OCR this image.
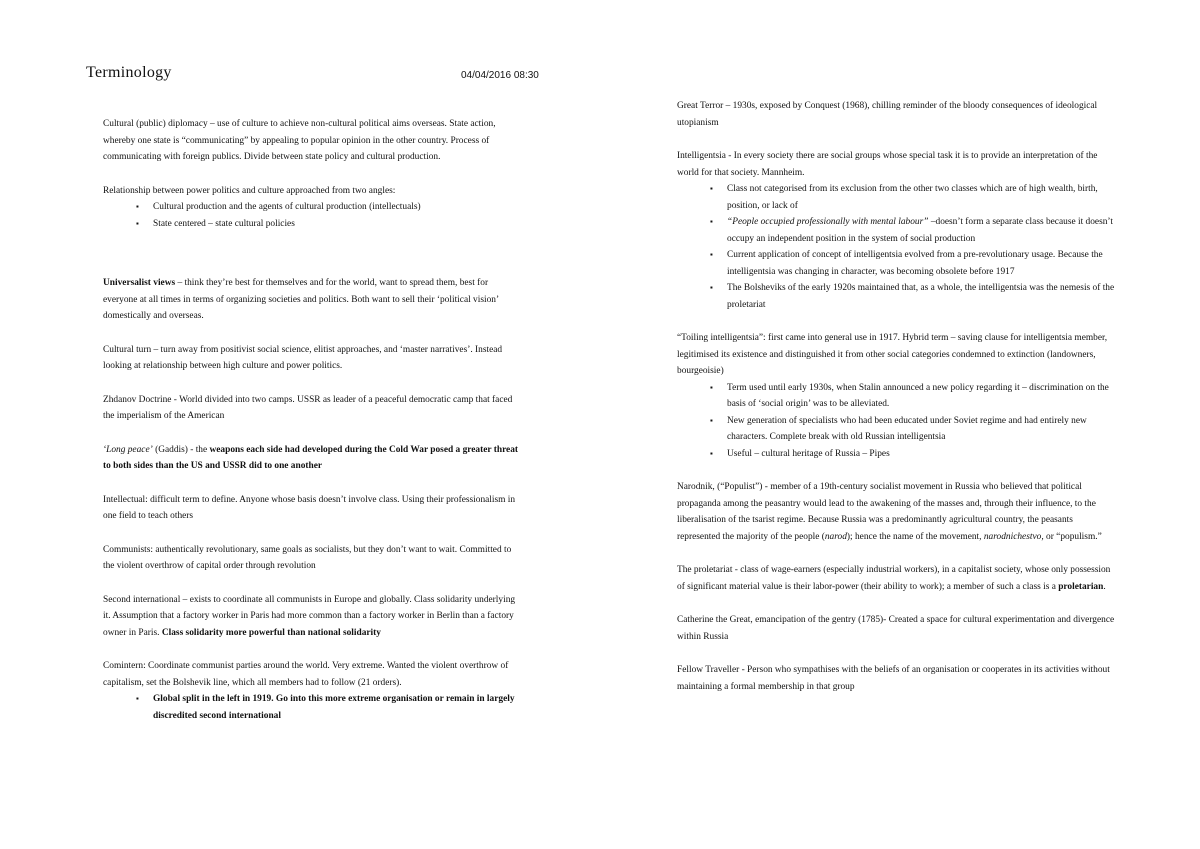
Terminology	04/04/2016 08:30

Cultural (public) diplomacy – use of culture to achieve non-cultural political aims overseas. State action, whereby one state is “communicating” by appealing to popular opinion in the other country. Process of communicating with foreign publics. Divide between state policy and cultural production.

Relationship between power politics and culture approached from two angles:

▪ Cultural production and the agents of cultural production (intellectuals)
▪ State centered – state cultural policies

Universalist views – think they’re best for themselves and for the world, want to spread them, best for everyone at all times in terms of organizing societies and politics. Both want to sell their ‘political vision’ domestically and overseas.

Cultural turn – turn away from positivist social science, elitist approaches, and ‘master narratives’. Instead looking at relationship between high culture and power politics.

Zhdanov Doctrine - World divided into two camps. USSR as leader of a peaceful democratic camp that faced the imperialism of the American

‘Long peace’ (Gaddis) - the weapons each side had developed during the Cold War posed a greater threat to both sides than the US and USSR did to one another

Intellectual: difficult term to define. Anyone whose basis doesn’t involve class. Using their professionalism in one field to teach others

Communists: authentically revolutionary, same goals as socialists, but they don’t want to wait. Committed to the violent overthrow of capital order through revolution

Second international – exists to coordinate all communists in Europe and globally. Class solidarity underlying it. Assumption that a factory worker in Paris had more common than a factory worker in Berlin than a factory owner in Paris. Class solidarity more powerful than national solidarity

Comintern: Coordinate communist parties around the world. Very extreme. Wanted the violent overthrow of capitalism, set the Bolshevik line, which all members had to follow (21 orders).

▪ Global split in the left in 1919. Go into this more extreme organisation or remain in largely discredited second international

Great Terror – 1930s, exposed by Conquest (1968), chilling reminder of the bloody consequences of ideological utopianism

Intelligentsia - In every society there are social groups whose special task it is to provide an interpretation of the world for that society. Mannheim.

▪ Class not categorised from its exclusion from the other two classes which are of high wealth, birth, position, or lack of
▪ “People occupied professionally with mental labour” –doesn’t form a separate class because it doesn’t occupy an independent position in the system of social production
▪ Current application of concept of intelligentsia evolved from a pre-revolutionary usage. Because the intelligentsia was changing in character, was becoming obsolete before 1917
▪ The Bolsheviks of the early 1920s maintained that, as a whole, the intelligentsia was the nemesis of the proletariat

“Toiling intelligentsia”: first came into general use in 1917. Hybrid term – saving clause for intelligentsia member, legitimised its existence and distinguished it from other social categories condemned to extinction (landowners, bourgeoisie)

▪ Term used until early 1930s, when Stalin announced a new policy regarding it – discrimination on the basis of ‘social origin’ was to be alleviated.
▪ New generation of specialists who had been educated under Soviet regime and had entirely new characters. Complete break with old Russian intelligentsia
▪ Useful – cultural heritage of Russia – Pipes

Narodnik, (“Populist”) - member of a 19th-century socialist movement in Russia who believed that political propaganda among the peasantry would lead to the awakening of the masses and, through their influence, to the liberalisation of the tsarist regime. Because Russia was a predominantly agricultural country, the peasants represented the majority of the people (narod); hence the name of the movement, narodnichestvo, or “populism.”

The proletariat - class of wage-earners (especially industrial workers), in a capitalist society, whose only possession of significant material value is their labor-power (their ability to work); a member of such a class is a proletarian.

Catherine the Great, emancipation of the gentry (1785)- Created a space for cultural experimentation and divergence within Russia

Fellow Traveller - Person who sympathises with the beliefs of an organisation or cooperates in its activities without maintaining a formal membership in that group
